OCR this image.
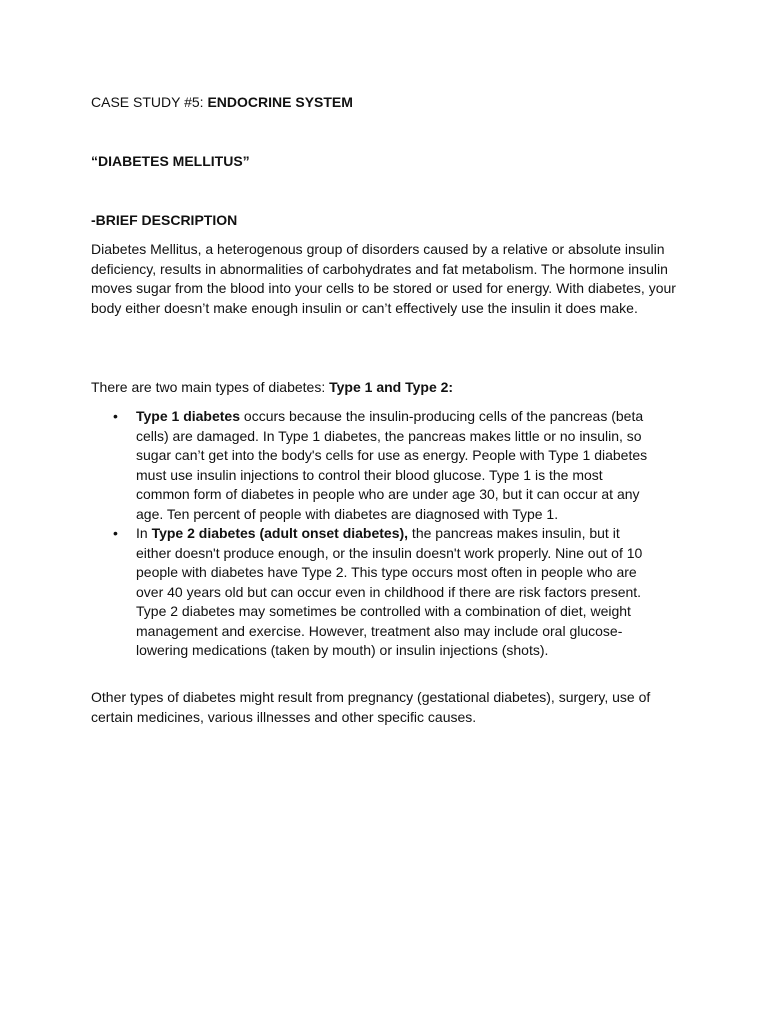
CASE STUDY #5: ENDOCRINE SYSTEM
“DIABETES MELLITUS”
-BRIEF DESCRIPTION

Diabetes Mellitus, a heterogenous group of disorders caused by a relative or absolute insulin deficiency, results in abnormalities of carbohydrates and fat metabolism. The hormone insulin moves sugar from the blood into your cells to be stored or used for energy. With diabetes, your body either doesn’t make enough insulin or can’t effectively use the insulin it does make.

There are two main types of diabetes: Type 1 and Type 2:

• Type 1 diabetes occurs because the insulin-producing cells of the pancreas (beta cells) are damaged. In Type 1 diabetes, the pancreas makes little or no insulin, so sugar can’t get into the body's cells for use as energy. People with Type 1 diabetes must use insulin injections to control their blood glucose. Type 1 is the most common form of diabetes in people who are under age 30, but it can occur at any age. Ten percent of people with diabetes are diagnosed with Type 1.
• In Type 2 diabetes (adult onset diabetes), the pancreas makes insulin, but it either doesn't produce enough, or the insulin doesn't work properly. Nine out of 10 people with diabetes have Type 2. This type occurs most often in people who are over 40 years old but can occur even in childhood if there are risk factors present. Type 2 diabetes may sometimes be controlled with a combination of diet, weight management and exercise. However, treatment also may include oral glucose-lowering medications (taken by mouth) or insulin injections (shots).

Other types of diabetes might result from pregnancy (gestational diabetes), surgery, use of certain medicines, various illnesses and other specific causes.
